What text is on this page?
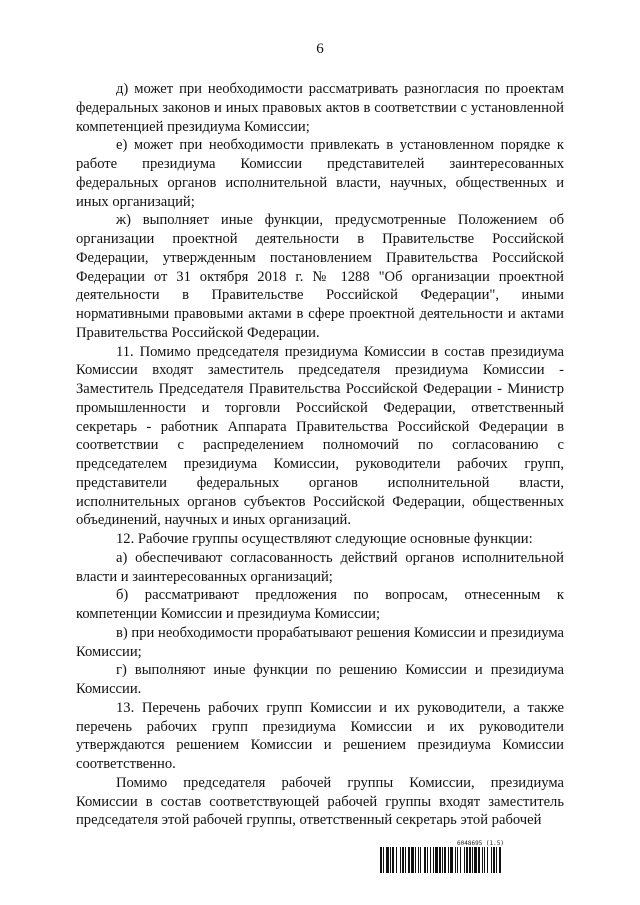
6

д) может при необходимости рассматривать разногласия по проектам федеральных законов и иных правовых актов в соответствии с установленной компетенцией президиума Комиссии;

е) может при необходимости привлекать в установленном порядке к работе президиума Комиссии представителей заинтересованных федеральных органов исполнительной власти, научных, общественных и иных организаций;

ж) выполняет иные функции, предусмотренные Положением об организации проектной деятельности в Правительстве Российской Федерации, утвержденным постановлением Правительства Российской Федерации от 31 октября 2018 г. № 1288 "Об организации проектной деятельности в Правительстве Российской Федерации", иными нормативными правовыми актами в сфере проектной деятельности и актами Правительства Российской Федерации.

11. Помимо председателя президиума Комиссии в состав президиума Комиссии входят заместитель председателя президиума Комиссии - Заместитель Председателя Правительства Российской Федерации - Министр промышленности и торговли Российской Федерации, ответственный секретарь - работник Аппарата Правительства Российской Федерации в соответствии с распределением полномочий по согласованию с председателем президиума Комиссии, руководители рабочих групп, представители федеральных органов исполнительной власти, исполнительных органов субъектов Российской Федерации, общественных объединений, научных и иных организаций.

12. Рабочие группы осуществляют следующие основные функции:

а) обеспечивают согласованность действий органов исполнительной власти и заинтересованных организаций;

б) рассматривают предложения по вопросам, отнесенным к компетенции Комиссии и президиума Комиссии;

в) при необходимости прорабатывают решения Комиссии и президиума Комиссии;

г) выполняют иные функции по решению Комиссии и президиума Комиссии.

13. Перечень рабочих групп Комиссии и их руководители, а также перечень рабочих групп президиума Комиссии и их руководители утверждаются решением Комиссии и решением президиума Комиссии соответственно.

Помимо председателя рабочей группы Комиссии, президиума Комиссии в состав соответствующей рабочей группы входят заместитель председателя этой рабочей группы, ответственный секретарь этой рабочей

6048695 (1.5)
